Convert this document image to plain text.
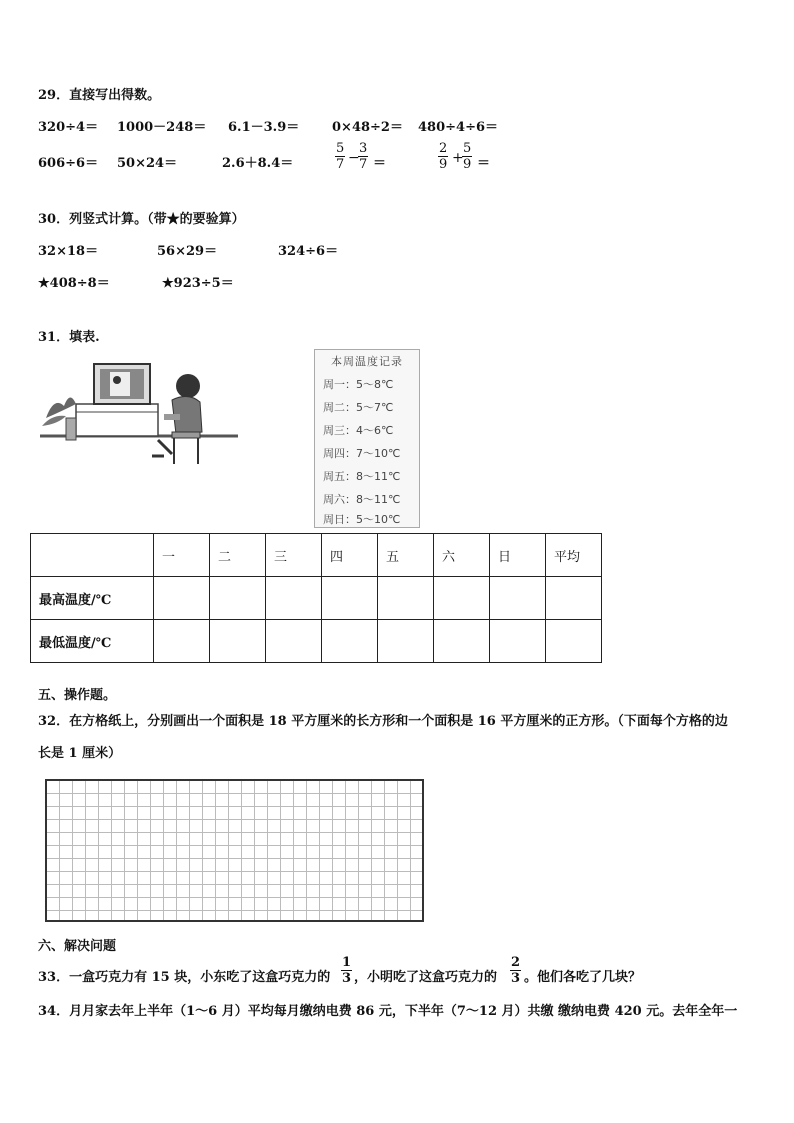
29．直接写出得数。
320÷4＝ 1000－248＝ 6.1－3.9＝	0×48÷2＝ 480÷4÷6＝
606÷6＝ 50×24＝	2.6＋8.4＝	$\frac{5}{7}$ −
$\frac{3}{7}$ ＝	$\frac{2}{9}$ +
$\frac{5}{9}$ ＝
30．列竖式计算。（带★的要验算）
32×18＝	56×29＝	324÷6＝
★408÷8＝	★923÷5＝
31．填表.
本周温度记录
周一：5～8℃
周二：5～7℃
周三：4～6℃
周四：7～10℃
周五：8～11℃
周六：8～11℃
周日：5～10℃
	一	二	三	四	五	六	日	平均
最高温度/℃								
最低温度/℃								
五、操作题。
32．在方格纸上，分别画出一个面积是 18 平方厘米的长方形和一个面积是 16 平方厘米的正方形。（下面每个方格的边
长是 1 厘米）
六、解决问题
33．一盒巧克力有 15 块，小东吃了这盒巧克力的 $\frac{1}{3}$ ，小明吃了这盒巧克力的 $\frac{2}{3}$ 。他们各吃了几块？
34．月月家去年上半年（1～6 月）平均每月缴纳电费 86 元，下半年（7～12 月）共缴 缴纳电费 420 元。去年全年一
